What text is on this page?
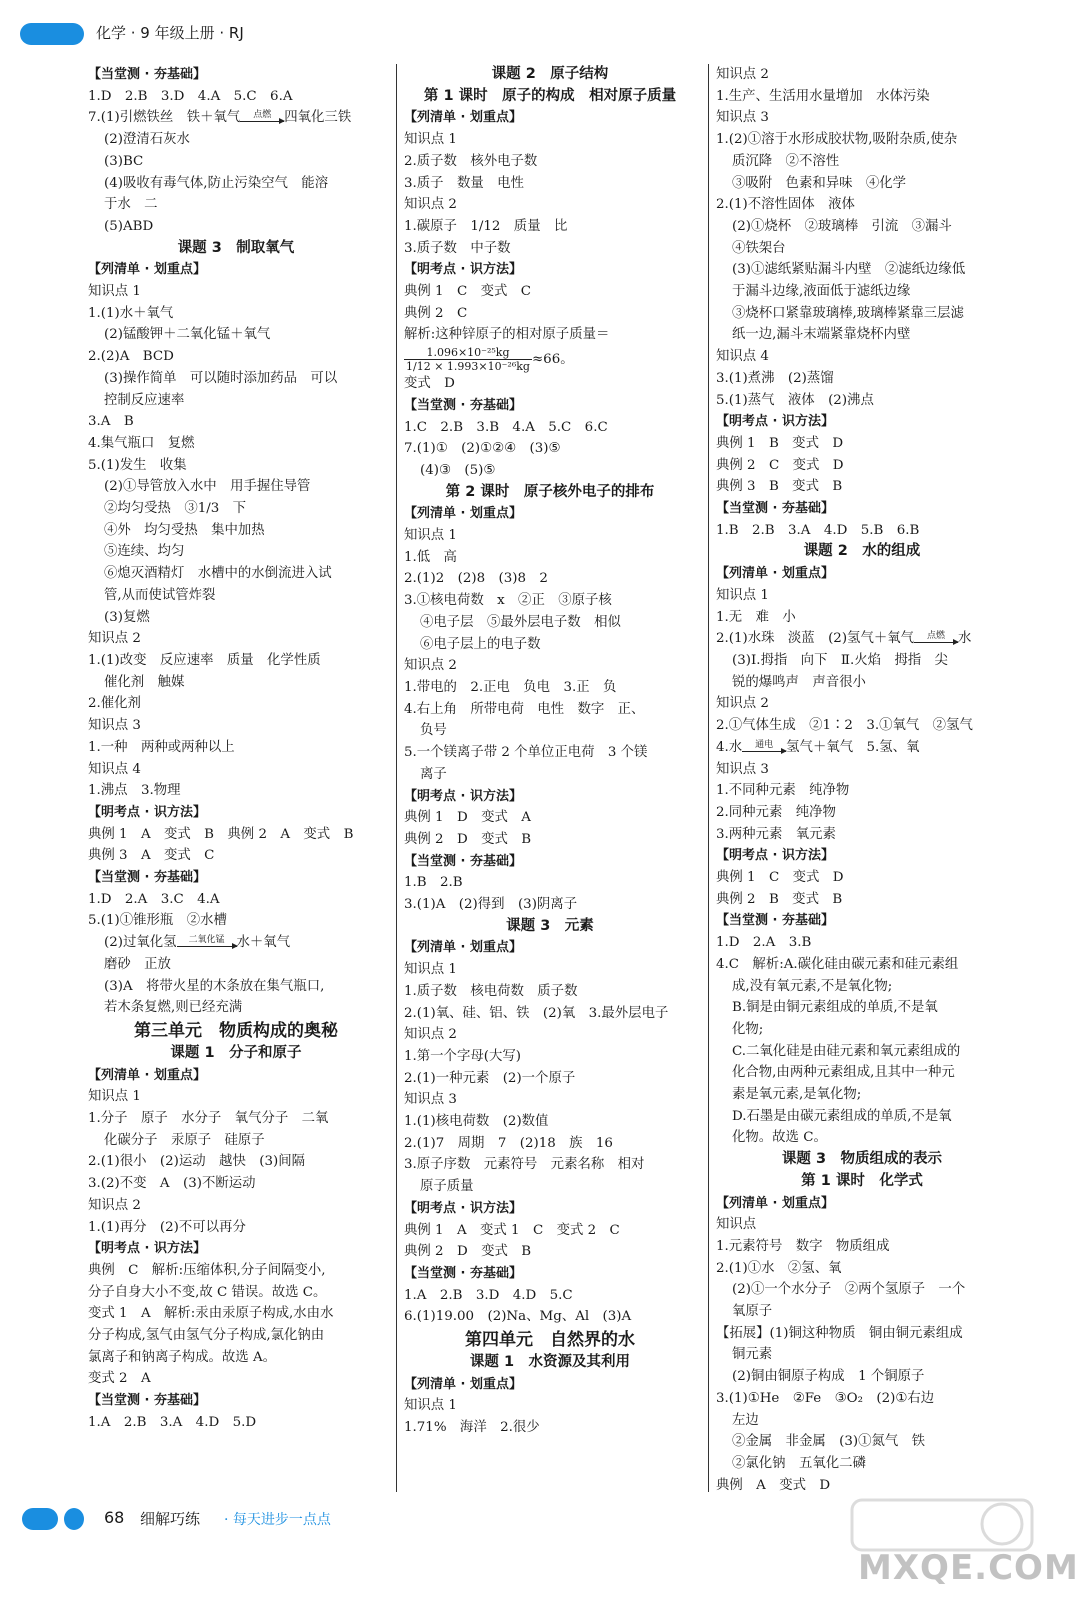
化学 · 9 年级上册 · RJ
【当堂测 · 夯基础】
1.D　2.B　3.D　4.A　5.C　6.A
7.(1)引燃铁丝　铁＋氧气	点燃 四氧化三铁
(2)澄清石灰水
(3)BC
(4)吸收有毒气体,防止污染空气　能溶
于水　二
(5)ABD
课题 3　制取氧气
【列清单 · 划重点】
知识点 1
1.(1)水＋氧气
(2)锰酸钾＋二氧化锰＋氧气
2.(2)A　BCD
(3)操作简单　可以随时添加药品　可以
控制反应速率
3.A　B
4.集气瓶口　复燃
5.(1)发生　收集
(2)①导管放入水中　用手握住导管
②均匀受热　③1/3　下
④外　均匀受热　集中加热
⑤连续、均匀
⑥熄灭酒精灯　水槽中的水倒流进入试
管,从而使试管炸裂
(3)复燃
知识点 2
1.(1)改变　反应速率　质量　化学性质
催化剂　触媒
2.催化剂
知识点 3
1.一种　两种或两种以上
知识点 4
1.沸点　3.物理
【明考点 · 识方法】
典例 1　A　变式　B　典例 2　A　变式　B
典例 3　A　变式　C
【当堂测 · 夯基础】
1.D　2.A　3.C　4.A
5.(1)①锥形瓶　②水槽
(2)过氧化氢	二氧化锰 水＋氧气
磨砂　正放
(3)A　将带火星的木条放在集气瓶口,
若木条复燃,则已经充满
第三单元　物质构成的奥秘
课题 1　分子和原子
【列清单 · 划重点】
知识点 1
1.分子　原子　水分子　氧气分子　二氧
化碳分子　汞原子　硅原子
2.(1)很小　(2)运动　越快　(3)间隔
3.(2)不变　A　(3)不断运动
知识点 2
1.(1)再分　(2)不可以再分
【明考点 · 识方法】
典例　C　解析:压缩体积,分子间隔变小,
分子自身大小不变,故 C 错误。故选 C。
变式 1　A　解析:汞由汞原子构成,水由水
分子构成,氢气由氢气分子构成,氯化钠由
氯离子和钠离子构成。故选 A。
变式 2　A
【当堂测 · 夯基础】
1.A　2.B　3.A　4.D　5.D
课题 2　原子结构
第 1 课时　原子的构成　相对原子质量
【列清单 · 划重点】
知识点 1
2.质子数　核外电子数
3.质子　数量　电性
知识点 2
1.碳原子　1/12　质量　比
3.质子数　中子数
【明考点 · 识方法】
典例 1　C　变式　C
典例 2　C
解析:这种锌原子的相对原子质量＝
$\frac{\text{1.096×10⁻²⁵kg}}{\text{1/12 × 1.993×10⁻²⁶kg}} \approx 66$。
变式　D
【当堂测 · 夯基础】
1.C　2.B　3.B　4.A　5.C　6.C
7.(1)①　(2)①②④　(3)⑤
(4)③　(5)⑤
第 2 课时　原子核外电子的排布
【列清单 · 划重点】
知识点 1
1.低　高
2.(1)2　(2)8　(3)8　2
3.①核电荷数　x　②正　③原子核
④电子层　⑤最外层电子数　相似
⑥电子层上的电子数
知识点 2
1.带电的　2.正电　负电　3.正　负
4.右上角　所带电荷　电性　数字　正、
负号
5.一个镁离子带 2 个单位正电荷　3 个镁
离子
【明考点 · 识方法】
典例 1　D　变式　A
典例 2　D　变式　B
【当堂测 · 夯基础】
1.B　2.B
3.(1)A　(2)得到　(3)阴离子
课题 3　元素
【列清单 · 划重点】
知识点 1
1.质子数　核电荷数　质子数
2.(1)氧、硅、铝、铁　(2)氧　3.最外层电子
知识点 2
1.第一个字母(大写)
2.(1)一种元素　(2)一个原子
知识点 3
1.(1)核电荷数　(2)数值
2.(1)7　周期　7　(2)18　族　16
3.原子序数　元素符号　元素名称　相对
原子质量
【明考点 · 识方法】
典例 1　A　变式 1　C　变式 2　C
典例 2　D　变式　B
【当堂测 · 夯基础】
1.A　2.B　3.D　4.D　5.C
6.(1)19.00　(2)Na、Mg、Al　(3)A
第四单元　自然界的水
课题 1　水资源及其利用
【列清单 · 划重点】
知识点 1
1.71%　海洋　2.很少
知识点 2
1.生产、生活用水量增加　水体污染
知识点 3
1.(2)①溶于水形成胶状物,吸附杂质,使杂
质沉降　②不溶性
③吸附　色素和异味　④化学
2.(1)不溶性固体　液体
(2)①烧杯　②玻璃棒　引流　③漏斗
④铁架台
(3)①滤纸紧贴漏斗内壁　②滤纸边缘低
于漏斗边缘,液面低于滤纸边缘
③烧杯口紧靠玻璃棒,玻璃棒紧靠三层滤
纸一边,漏斗末端紧靠烧杯内壁
知识点 4
3.(1)煮沸　(2)蒸馏
5.(1)蒸气　液体　(2)沸点
【明考点 · 识方法】
典例 1　B　变式　D
典例 2　C　变式　D
典例 3　B　变式　B
【当堂测 · 夯基础】
1.B　2.B　3.A　4.D　5.B　6.B
课题 2　水的组成
【列清单 · 划重点】
知识点 1
1.无　难　小
2.(1)水珠　淡蓝　(2)氢气＋氧气	点燃 水
(3)Ⅰ.拇指　向下　Ⅱ.火焰　拇指　尖
锐的爆鸣声　声音很小
知识点 2
2.①气体生成　②1∶2　3.①氧气　②氢气
4.水	通电 氢气＋氧气　5.氢、氧
知识点 3
1.不同种元素　纯净物
2.同种元素　纯净物
3.两种元素　氧元素
【明考点 · 识方法】
典例 1　C　变式　D
典例 2　B　变式　B
【当堂测 · 夯基础】
1.D　2.A　3.B
4.C　解析:A.碳化硅由碳元素和硅元素组
成,没有氧元素,不是氧化物;
B.铜是由铜元素组成的单质,不是氧
化物;
C.二氧化硅是由硅元素和氧元素组成的
化合物,由两种元素组成,且其中一种元
素是氧元素,是氧化物;
D.石墨是由碳元素组成的单质,不是氧
化物。故选 C。
课题 3　物质组成的表示
第 1 课时　化学式
【列清单 · 划重点】
知识点
1.元素符号　数字　物质组成
2.(1)①水　②氢、氧
(2)①一个水分子　②两个氢原子　一个
氧原子
【拓展】(1)铜这种物质　铜由铜元素组成
铜元素
(2)铜由铜原子构成　1 个铜原子
3.(1)①He　②Fe　③O₂　(2)①右边
左边
②金属　非金属　(3)①氮气　铁
②氯化钠　五氧化二磷
典例　A　变式　D
68 细解巧练 · 每天进步一点点
MXQE.COM
